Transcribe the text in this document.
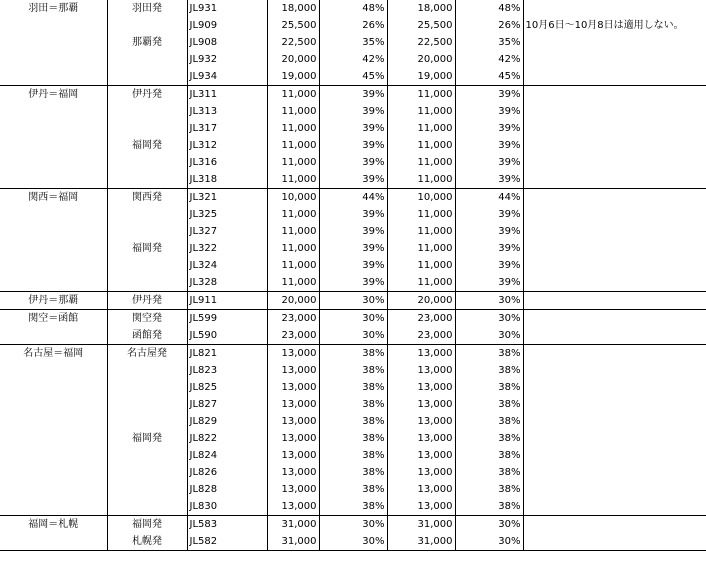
羽田＝那覇	羽田発	JL931	18,000	48%	18,000	48%	
		JL909	25,500	26%	25,500	26%	10月6日～10月8日は適用しない。
	那覇発	JL908	22,500	35%	22,500	35%	
		JL932	20,000	42%	20,000	42%	
		JL934	19,000	45%	19,000	45%	
伊丹＝福岡	伊丹発	JL311	11,000	39%	11,000	39%	
		JL313	11,000	39%	11,000	39%	
		JL317	11,000	39%	11,000	39%	
	福岡発	JL312	11,000	39%	11,000	39%	
		JL316	11,000	39%	11,000	39%	
		JL318	11,000	39%	11,000	39%	
関西＝福岡	関西発	JL321	10,000	44%	10,000	44%	
		JL325	11,000	39%	11,000	39%	
		JL327	11,000	39%	11,000	39%	
	福岡発	JL322	11,000	39%	11,000	39%	
		JL324	11,000	39%	11,000	39%	
		JL328	11,000	39%	11,000	39%	
伊丹＝那覇	伊丹発	JL911	20,000	30%	20,000	30%	
関空＝函館	関空発	JL599	23,000	30%	23,000	30%	
	函館発	JL590	23,000	30%	23,000	30%	
名古屋＝福岡	名古屋発	JL821	13,000	38%	13,000	38%	
		JL823	13,000	38%	13,000	38%	
		JL825	13,000	38%	13,000	38%	
		JL827	13,000	38%	13,000	38%	
		JL829	13,000	38%	13,000	38%	
	福岡発	JL822	13,000	38%	13,000	38%	
		JL824	13,000	38%	13,000	38%	
		JL826	13,000	38%	13,000	38%	
		JL828	13,000	38%	13,000	38%	
		JL830	13,000	38%	13,000	38%	
福岡＝札幌	福岡発	JL583	31,000	30%	31,000	30%	
	札幌発	JL582	31,000	30%	31,000	30%	
